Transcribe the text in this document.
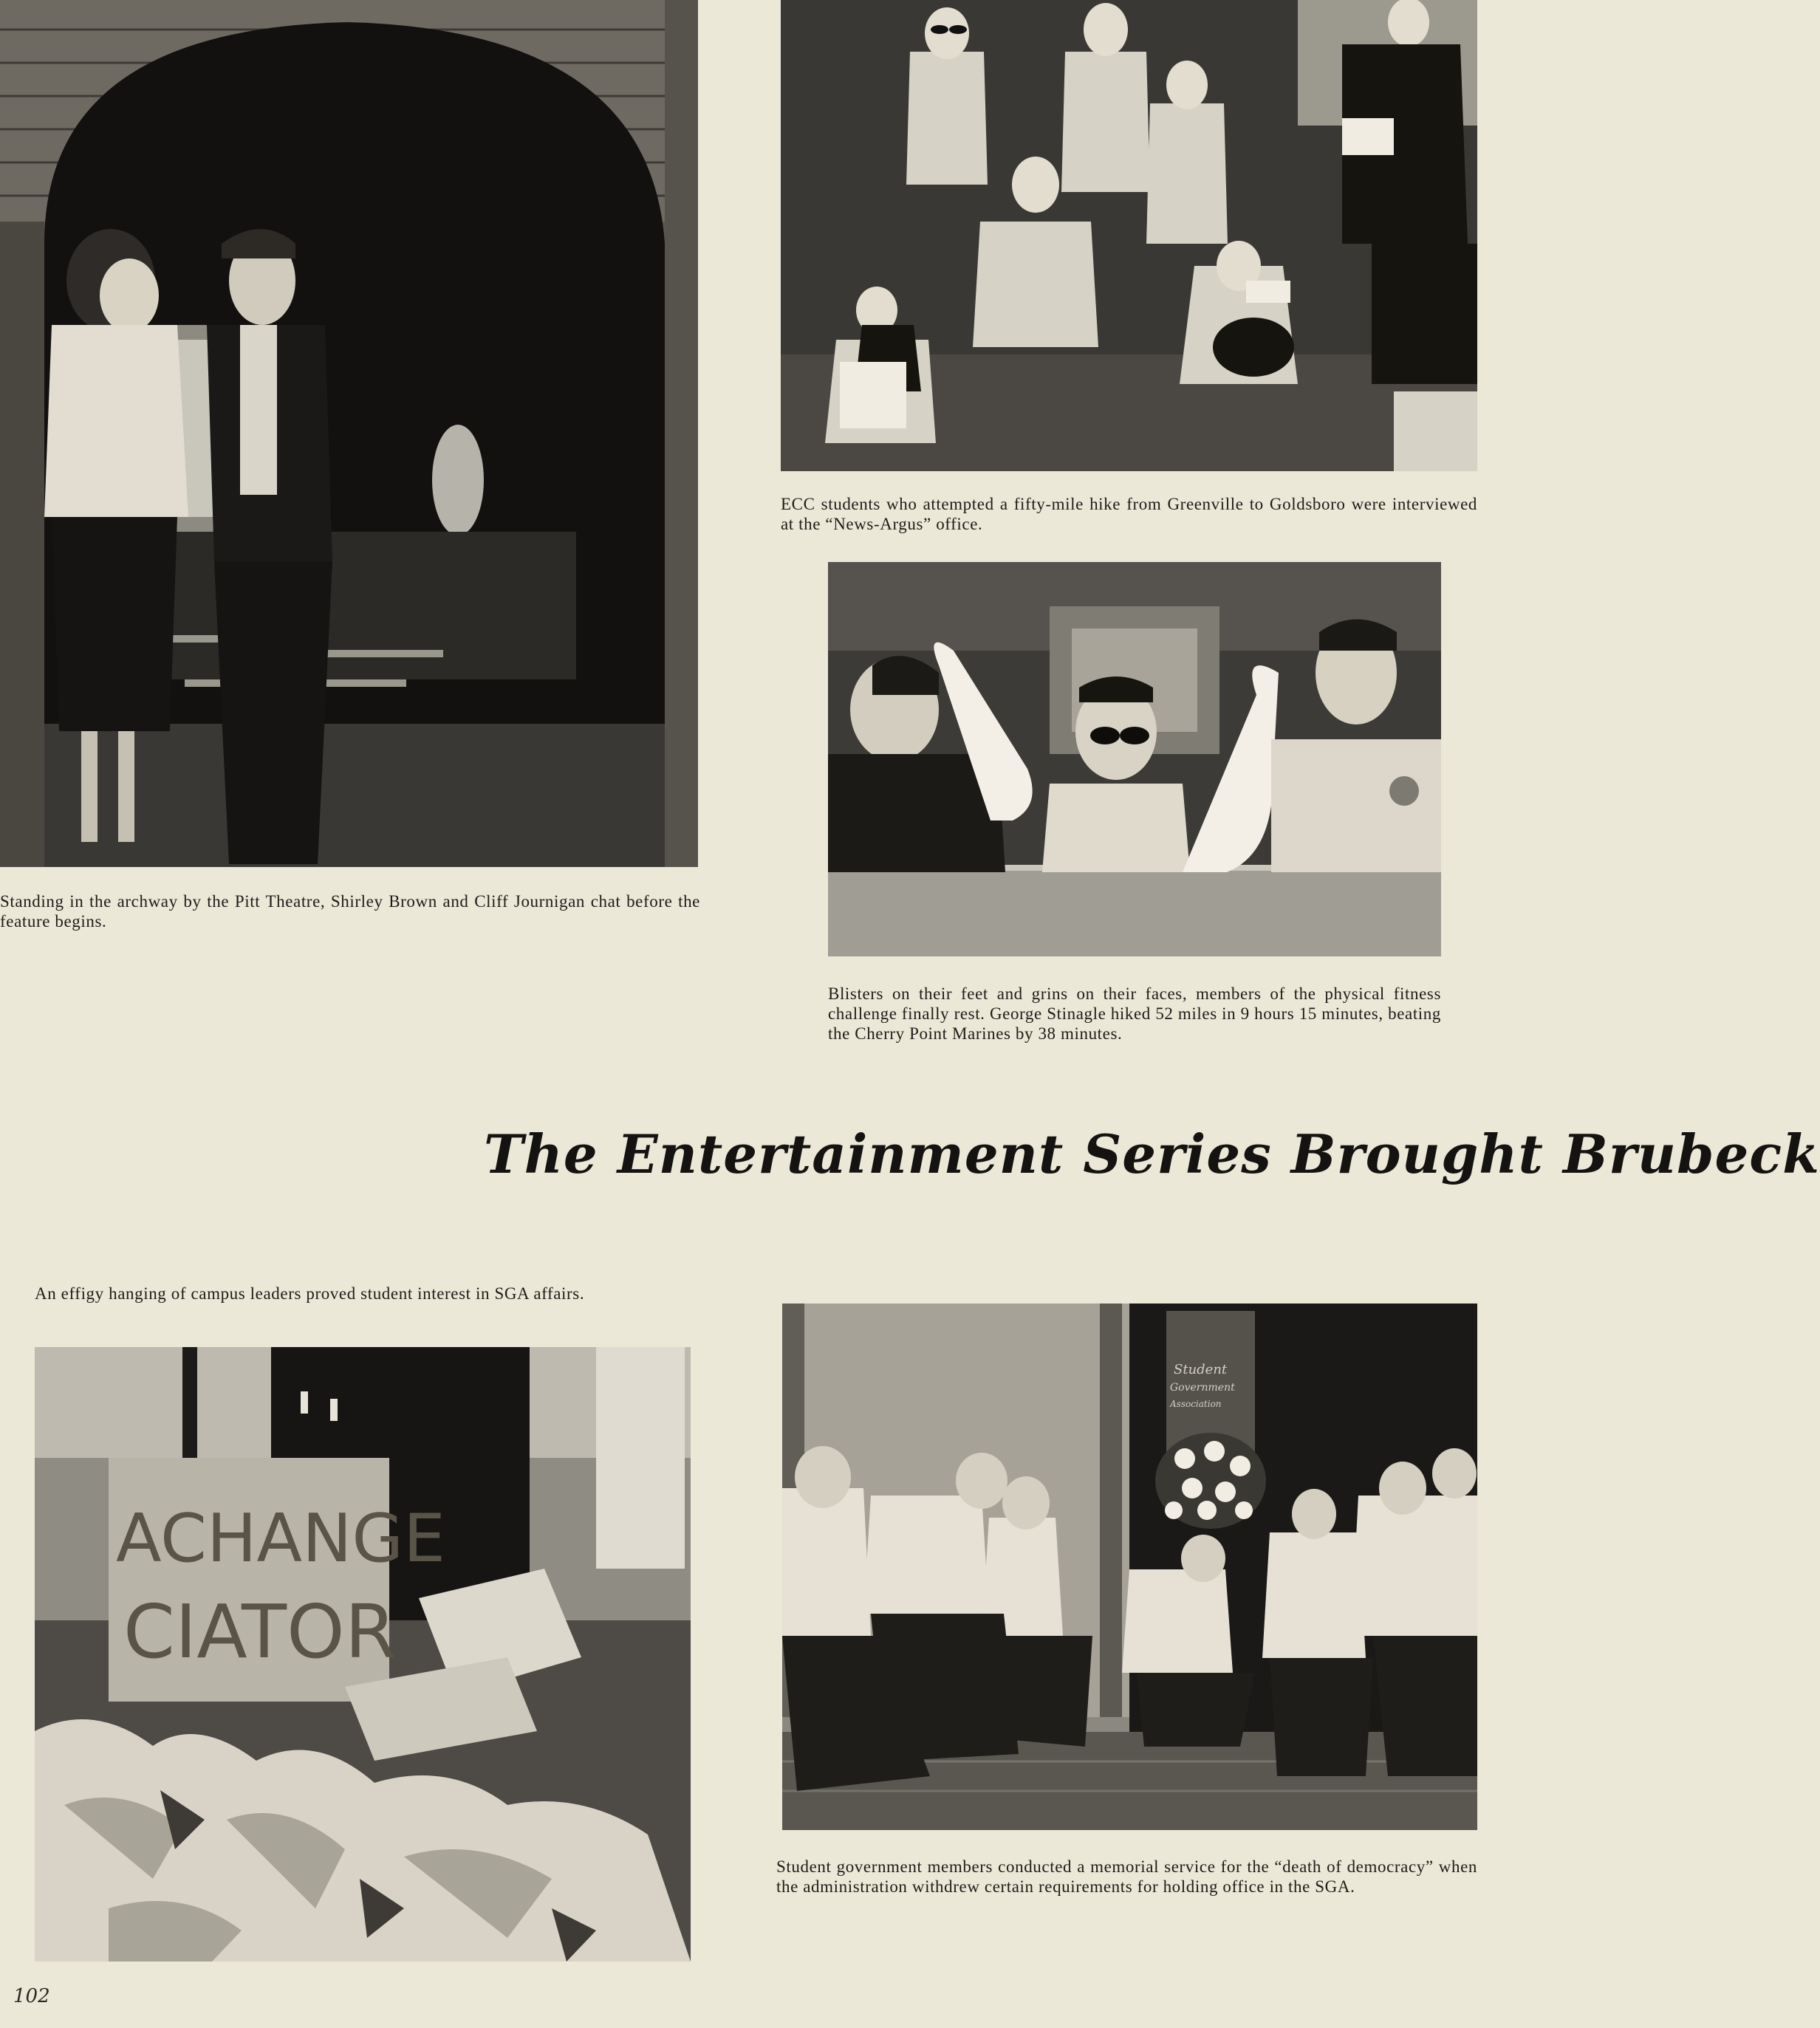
Standing in the archway by the Pitt Theatre, Shirley Brown and Cliff Journigan chat before the feature begins.
ECC students who attempted a fifty-mile hike from Greenville to Goldsboro were interviewed at the “News-Argus” office.
Blisters on their feet and grins on their faces, members of the physical fitness challenge finally rest. George Stinagle hiked 52 miles in 9 hours 15 minutes, beating the Cherry Point Marines by 38 minutes.
The Entertainment Series Brought Brubeck
An effigy hanging of campus leaders proved student interest in SGA affairs.
ACHANGE
CIATOR
Student
Government
Association
Student government members conducted a memorial service for the “death of democracy” when the administration withdrew certain requirements for holding office in the SGA.
102
